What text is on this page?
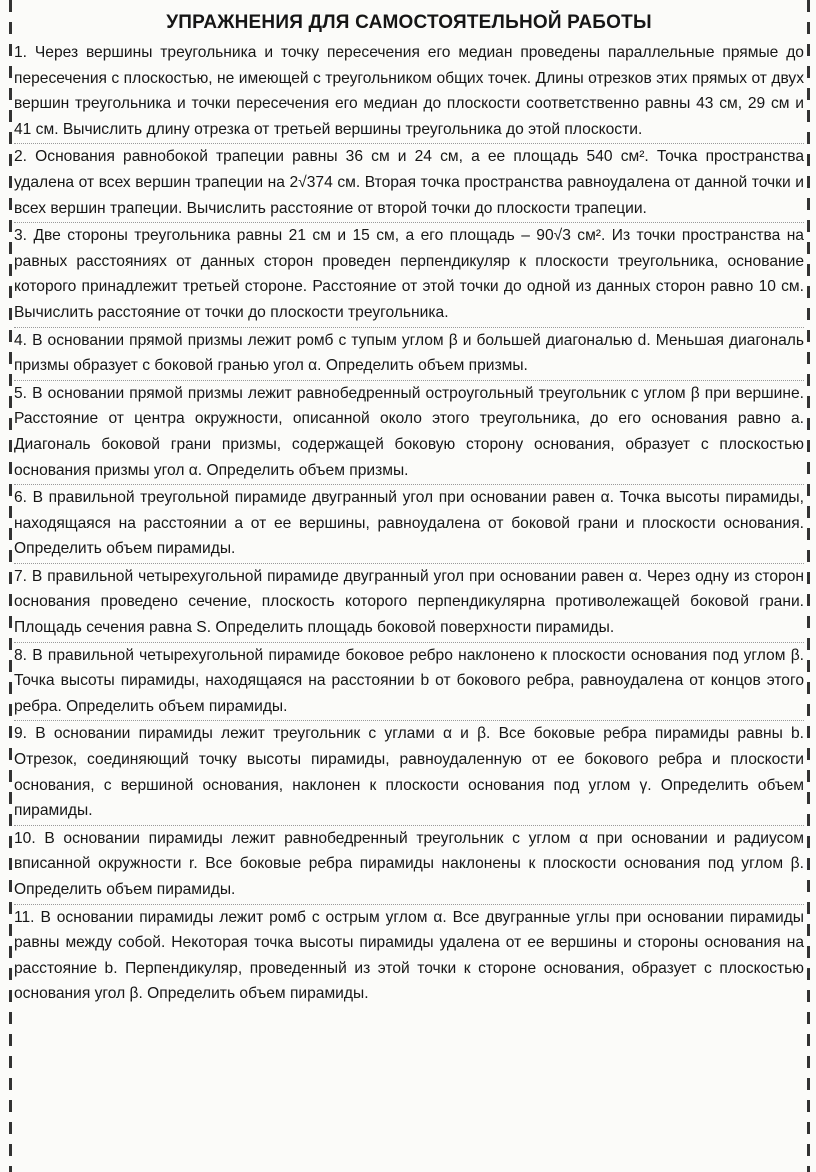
УПРАЖНЕНИЯ ДЛЯ САМОСТОЯТЕЛЬНОЙ РАБОТЫ

1. Через вершины треугольника и точку пересечения его медиан проведены параллельные прямые до пересечения с плоскостью, не имеющей с треугольником общих точек. Длины отрезков этих прямых от двух вершин треугольника и точки пересечения его медиан до плоскости соответственно равны 43 см, 29 см и 41 см. Вычислить длину отрезка от третьей вершины треугольника до этой плоскости.

2. Основания равнобокой трапеции равны 36 см и 24 см, а ее площадь 540 см². Точка пространства удалена от всех вершин трапеции на 2√374 см. Вторая точка пространства равноудалена от данной точки и всех вершин трапеции. Вычислить расстояние от второй точки до плоскости трапеции.

3. Две стороны треугольника равны 21 см и 15 см, а его площадь – 90√3 см². Из точки пространства на равных расстояниях от данных сторон проведен перпендикуляр к плоскости треугольника, основание которого принадлежит третьей стороне. Расстояние от этой точки до одной из данных сторон равно 10 см. Вычислить расстояние от точки до плоскости треугольника.

4. В основании прямой призмы лежит ромб с тупым углом β и большей диагональю d. Меньшая диагональ призмы образует с боковой гранью угол α. Определить объем призмы.

5. В основании прямой призмы лежит равнобедренный остроугольный треугольник с углом β при вершине. Расстояние от центра окружности, описанной около этого треугольника, до его основания равно a. Диагональ боковой грани призмы, содержащей боковую сторону основания, образует с плоскостью основания призмы угол α. Определить объем призмы.

6. В правильной треугольной пирамиде двугранный угол при основании равен α. Точка высоты пирамиды, находящаяся на расстоянии a от ее вершины, равноудалена от боковой грани и плоскости основания. Определить объем пирамиды.

7. В правильной четырехугольной пирамиде двугранный угол при основании равен α. Через одну из сторон основания проведено сечение, плоскость которого перпендикулярна противолежащей боковой грани. Площадь сечения равна S. Определить площадь боковой поверхности пирамиды.

8. В правильной четырехугольной пирамиде боковое ребро наклонено к плоскости основания под углом β. Точка высоты пирамиды, находящаяся на расстоянии b от бокового ребра, равноудалена от концов этого ребра. Определить объем пирамиды.

9. В основании пирамиды лежит треугольник с углами α и β. Все боковые ребра пирамиды равны b. Отрезок, соединяющий точку высоты пирамиды, равноудаленную от ее бокового ребра и плоскости основания, с вершиной основания, наклонен к плоскости основания под углом γ. Определить объем пирамиды.

10. В основании пирамиды лежит равнобедренный треугольник с углом α при основании и радиусом вписанной окружности r. Все боковые ребра пирамиды наклонены к плоскости основания под углом β. Определить объем пирамиды.

11. В основании пирамиды лежит ромб с острым углом α. Все двугранные углы при основании пирамиды равны между собой. Некоторая точка высоты пирамиды удалена от ее вершины и стороны основания на расстояние b. Перпендикуляр, проведенный из этой точки к стороне основания, образует с плоскостью основания угол β. Определить объем пирамиды.
